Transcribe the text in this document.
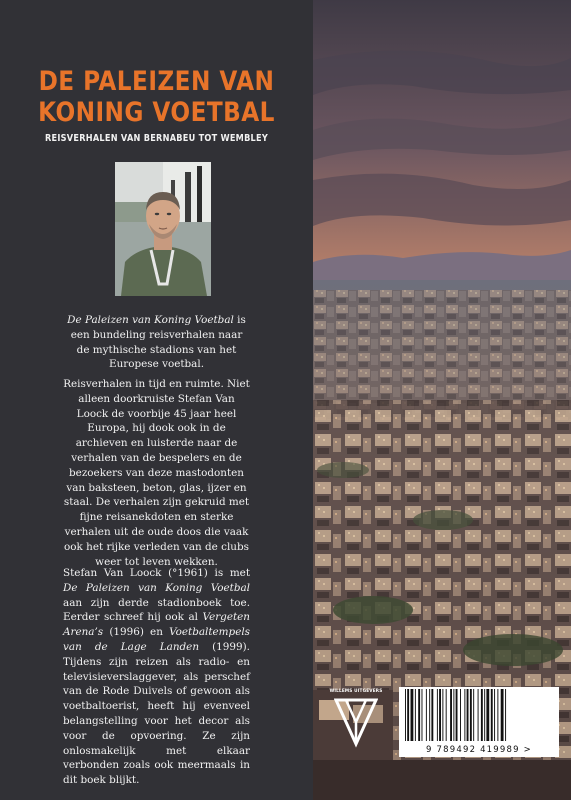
DE PALEIZEN VAN
KONING VOETBAL
REISVERHALEN VAN BERNABEU TOT WEMBLEY

De Paleizen van Koning Voetbal is een bundeling reisverhalen naar de mythische stadions van het Europese voetbal.

Reisverhalen in tijd en ruimte. Niet alleen doorkruiste Stefan Van Loock de voorbije 45 jaar heel Europa, hij dook ook in de archieven en luisterde naar de verhalen van de bespelers en de bezoekers van deze mastodonten van baksteen, beton, glas, ijzer en staal. De verhalen zijn gekruid met fijne reisanekdoten en sterke verhalen uit de oude doos die vaak ook het rijke verleden van de clubs weer tot leven wekken.

Stefan Van Loock (°1961) is met De Paleizen van Koning Voetbal aan zijn derde stadionboek toe. Eerder schreef hij ook al Vergeten Arena’s (1996) en Voetbaltempels van de Lage Landen (1999). Tijdens zijn reizen als radio- en televisieverslaggever, als perschef van de Rode Duivels of gewoon als voetbaltoerist, heeft hij evenveel belangstelling voor het decor als voor de opvoering. Ze zijn onlosmakelijk met elkaar verbonden zoals ook meermaals in dit boek blijkt.

WILLEMS UITGEVERS
9 789492 419989 >
